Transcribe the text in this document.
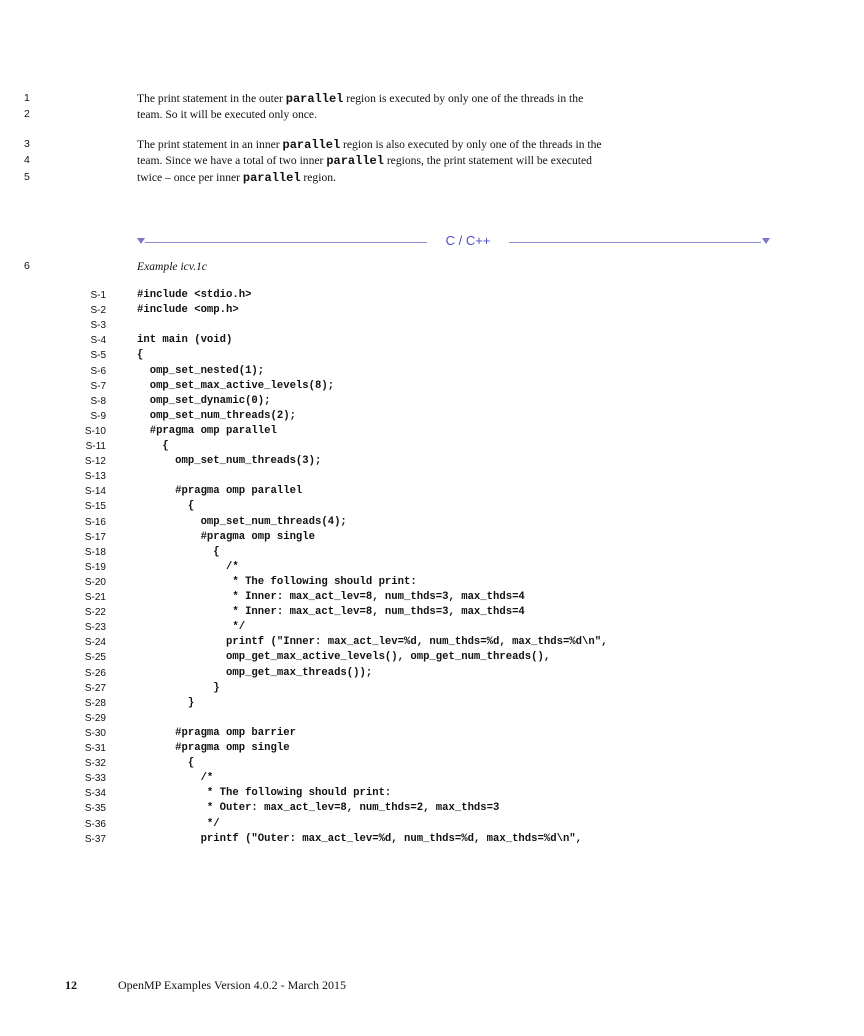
1	The print statement in the outer parallel region is executed by only one of the threads in the
2	team. So it will be executed only once.
3	The print statement in an inner parallel region is also executed by only one of the threads in the
4	team. Since we have a total of two inner parallel regions, the print statement will be executed
5	twice – once per inner parallel region.
C / C++
6	Example icv.1c
S-1	#include <stdio.h>
S-2	#include <omp.h>
S-3
S-4	int main (void)
S-5	{
S-6	omp_set_nested(1);
S-7	omp_set_max_active_levels(8);
S-8	omp_set_dynamic(0);
S-9	omp_set_num_threads(2);
S-10	#pragma omp parallel
S-11	{
S-12	omp_set_num_threads(3);
S-13
S-14	#pragma omp parallel
S-15	{
S-16	omp_set_num_threads(4);
S-17	#pragma omp single
S-18	{
S-19	/*
S-20	* The following should print:
S-21	* Inner: max_act_lev=8, num_thds=3, max_thds=4
S-22	* Inner: max_act_lev=8, num_thds=3, max_thds=4
S-23	*/
S-24	printf ("Inner: max_act_lev=%d, num_thds=%d, max_thds=%d\n",
S-25	omp_get_max_active_levels(), omp_get_num_threads(),
S-26	omp_get_max_threads());
S-27	}
S-28	}
S-29
S-30	#pragma omp barrier
S-31	#pragma omp single
S-32	{
S-33	/*
S-34	* The following should print:
S-35	* Outer: max_act_lev=8, num_thds=2, max_thds=3
S-36	*/
S-37	printf ("Outer: max_act_lev=%d, num_thds=%d, max_thds=%d\n",
12	OpenMP Examples Version 4.0.2 - March 2015
